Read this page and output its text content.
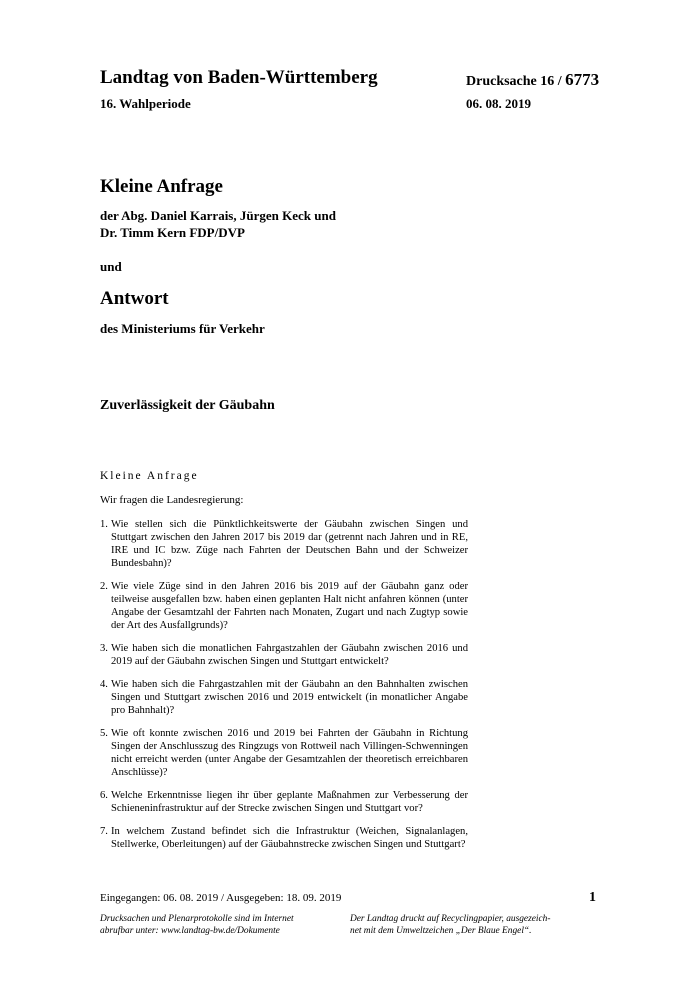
Landtag von Baden-Württemberg	Drucksache 16 / 6773
16. Wahlperiode	06. 08. 2019
Kleine Anfrage
der Abg. Daniel Karrais, Jürgen Keck und
Dr. Timm Kern FDP/DVP
und
Antwort
des Ministeriums für Verkehr
Zuverlässigkeit der Gäubahn
Kleine Anfrage
Wir fragen die Landesregierung:
1. Wie stellen sich die Pünktlichkeitswerte der Gäubahn zwischen Singen und Stuttgart zwischen den Jahren 2017 bis 2019 dar (getrennt nach Jahren und in RE, IRE und IC bzw. Züge nach Fahrten der Deutschen Bahn und der Schweizer Bundesbahn)?
2. Wie viele Züge sind in den Jahren 2016 bis 2019 auf der Gäubahn ganz oder teilweise ausgefallen bzw. haben einen geplanten Halt nicht anfahren können (unter Angabe der Gesamtzahl der Fahrten nach Monaten, Zugart und nach Zugtyp sowie der Art des Ausfallgrunds)?
3. Wie haben sich die monatlichen Fahrgastzahlen der Gäubahn zwischen 2016 und 2019 auf der Gäubahn zwischen Singen und Stuttgart entwickelt?
4. Wie haben sich die Fahrgastzahlen mit der Gäubahn an den Bahnhalten zwischen Singen und Stuttgart zwischen 2016 und 2019 entwickelt (in monatlicher Angabe pro Bahnhalt)?
5. Wie oft konnte zwischen 2016 und 2019 bei Fahrten der Gäubahn in Richtung Singen der Anschlusszug des Ringzugs von Rottweil nach Villingen-Schwenningen nicht erreicht werden (unter Angabe der Gesamtzahlen der theoretisch erreichbaren Anschlüsse)?
6. Welche Erkenntnisse liegen ihr über geplante Maßnahmen zur Verbesserung der Schieneninfrastruktur auf der Strecke zwischen Singen und Stuttgart vor?
7. In welchem Zustand befindet sich die Infrastruktur (Weichen, Signalanlagen, Stellwerke, Oberleitungen) auf der Gäubahnstrecke zwischen Singen und Stuttgart?
Eingegangen: 06. 08. 2019 / Ausgegeben: 18. 09. 2019	1
Drucksachen und Plenarprotokolle sind im Internet
abrufbar unter: www.landtag-bw.de/Dokumente
Der Landtag druckt auf Recyclingpapier, ausgezeich-
net mit dem Umweltzeichen „Der Blaue Engel“.
